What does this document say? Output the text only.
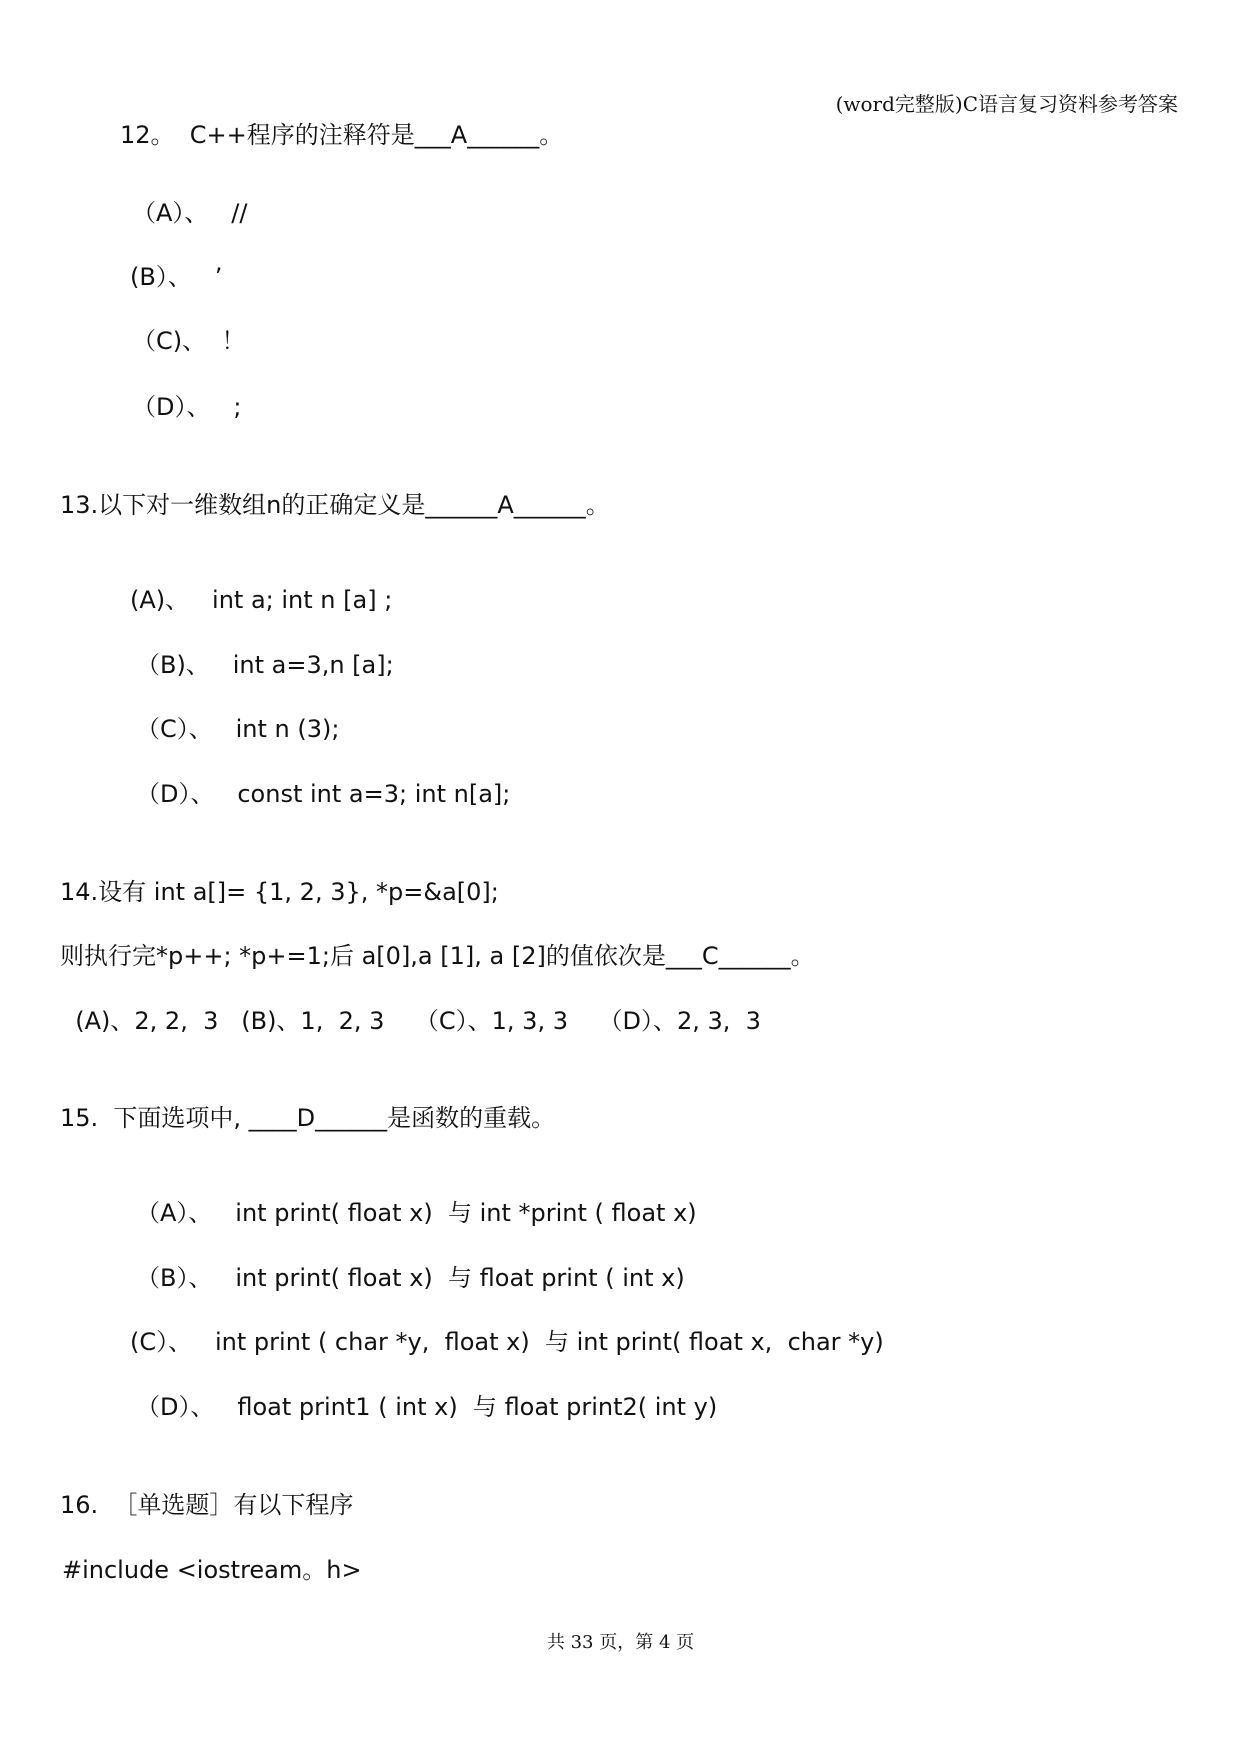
(word完整版)C语言复习资料参考答案
12。  C++程序的注释符是___A______。
（A）、   //
(B）、   ’
（C)、  ！
（D）、   ;
13.以下对一维数组n的正确定义是______A______。
(A)、   int a; int n [a] ;
（B)、   int a=3,n [a];
（C）、   int n (3);
（D）、   const int a=3; int n[a];
14.设有 int a[]= {1, 2, 3}, *p=&a[0];
则执行完*p++; *p+=1;后 a[0],a [1], a [2]的值依次是___C______。
(A)、2, 2,  3   (B)、1,  2, 3    （C）、1, 3, 3    （D）、2, 3,  3
15.  下面选项中, ____D______是函数的重载。
（A）、   int print( float x)  与 int *print ( float x)
（B）、   int print( float x)  与 float print ( int x)
(C）、   int print ( char *y,  float x)  与 int print( float x,  char *y)
（D）、   float print1 ( int x)  与 float print2( int y)
16.  ［单选题］有以下程序
#include <iostream。h>
共 33 页，第 4 页
